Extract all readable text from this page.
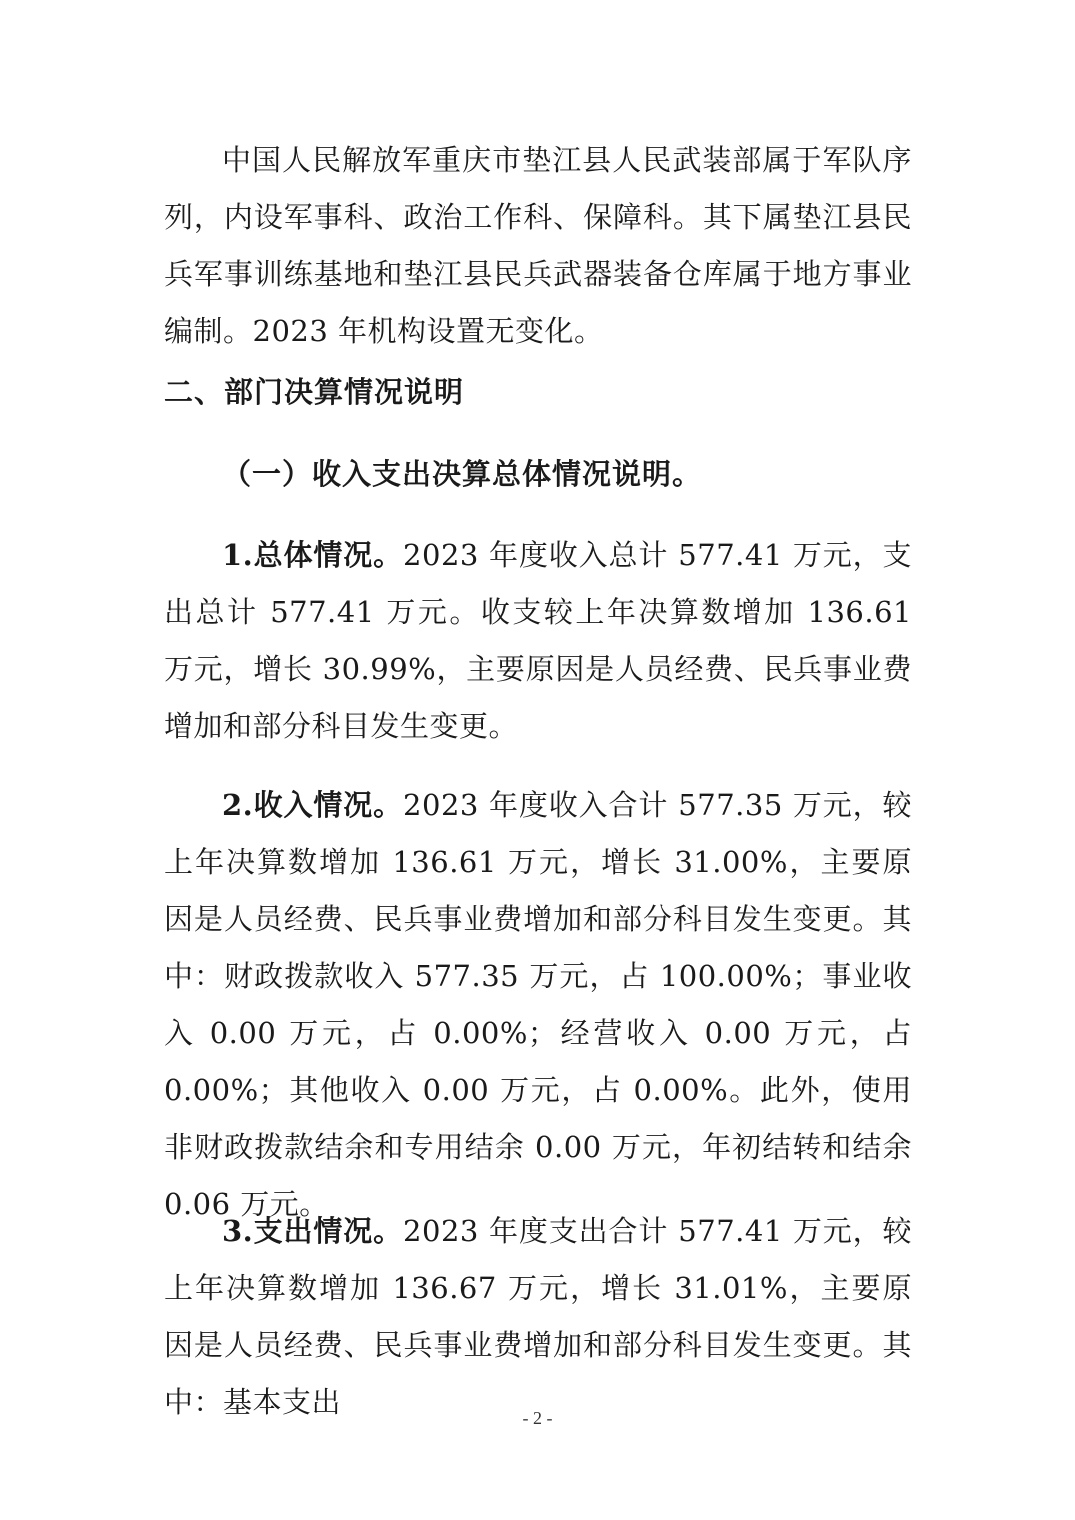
中国人民解放军重庆市垫江县人民武装部属于军队序列，内设军事科、政治工作科、保障科。其下属垫江县民兵军事训练基地和垫江县民兵武器装备仓库属于地方事业编制。2023 年机构设置无变化。

二、部门决算情况说明
（一）收入支出决算总体情况说明。

1.总体情况。2023 年度收入总计 577.41 万元，支出总计 577.41 万元。收支较上年决算数增加 136.61 万元，增长 30.99%，主要原因是人员经费、民兵事业费增加和部分科目发生变更。

2.收入情况。2023 年度收入合计 577.35 万元，较上年决算数增加 136.61 万元，增长 31.00%，主要原因是人员经费、民兵事业费增加和部分科目发生变更。其中：财政拨款收入 577.35 万元，占 100.00%；事业收入 0.00 万元，占 0.00%；经营收入 0.00 万元，占 0.00%；其他收入 0.00 万元，占 0.00%。此外，使用非财政拨款结余和专用结余 0.00 万元，年初结转和结余 0.06 万元。

3.支出情况。2023 年度支出合计 577.41 万元，较上年决算数增加 136.67 万元，增长 31.01%，主要原因是人员经费、民兵事业费增加和部分科目发生变更。其中：基本支出	- 2 -
